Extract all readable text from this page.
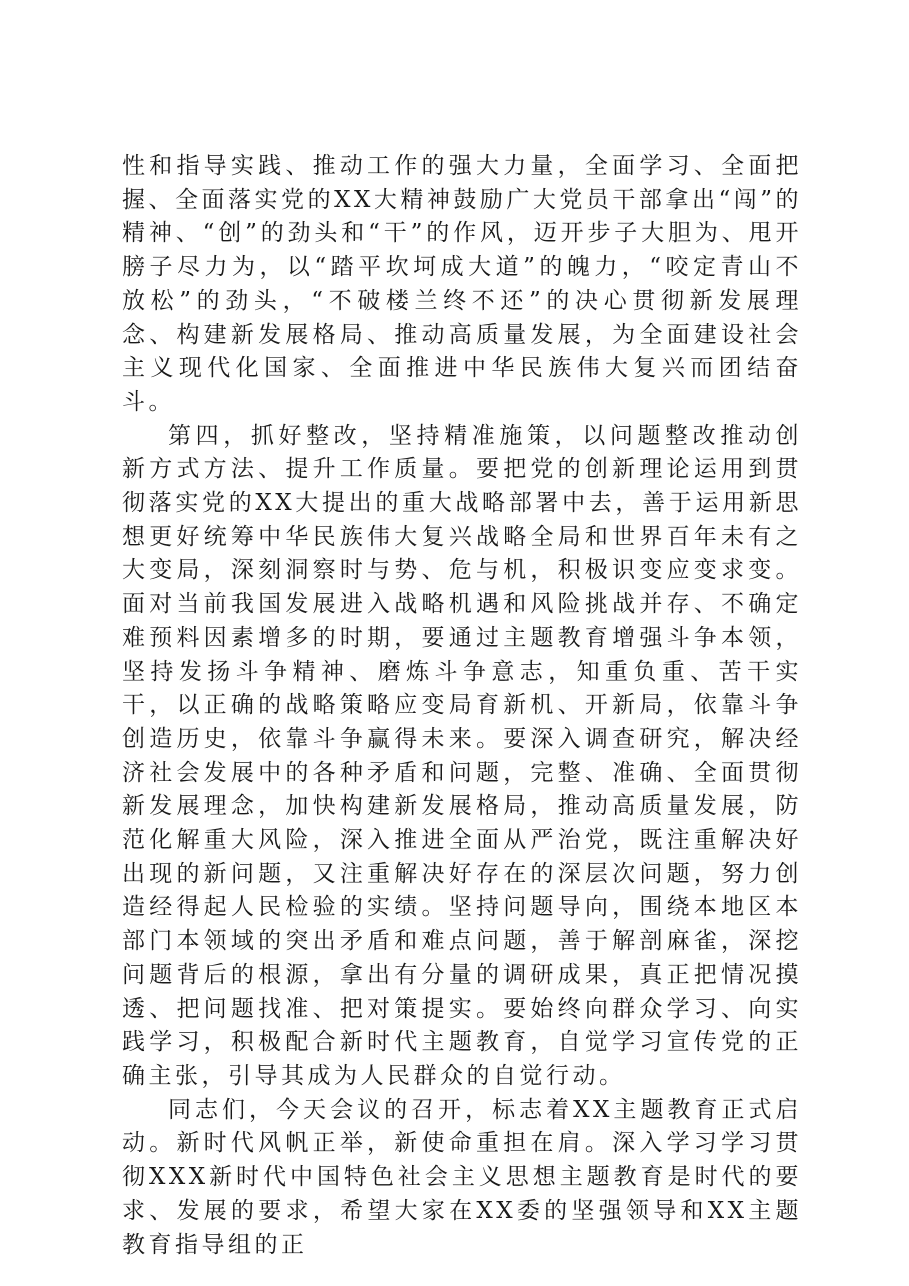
性和指导实践、推动工作的强大力量，全面学习、全面把握、全面落实党的XX大精神鼓励广大党员干部拿出“闯”的精神、“创”的劲头和“干”的作风，迈开步子大胆为、甩开膀子尽力为，以“踏平坎坷成大道”的魄力，“咬定青山不放松”的劲头，“不破楼兰终不还”的决心贯彻新发展理念、构建新发展格局、推动高质量发展，为全面建设社会主义现代化国家、全面推进中华民族伟大复兴而团结奋斗。

第四，抓好整改，坚持精准施策，以问题整改推动创新方式方法、提升工作质量。要把党的创新理论运用到贯彻落实党的XX大提出的重大战略部署中去，善于运用新思想更好统筹中华民族伟大复兴战略全局和世界百年未有之大变局，深刻洞察时与势、危与机，积极识变应变求变。面对当前我国发展进入战略机遇和风险挑战并存、不确定难预料因素增多的时期，要通过主题教育增强斗争本领，坚持发扬斗争精神、磨炼斗争意志，知重负重、苦干实干，以正确的战略策略应变局育新机、开新局，依靠斗争创造历史，依靠斗争赢得未来。要深入调查研究，解决经济社会发展中的各种矛盾和问题，完整、准确、全面贯彻新发展理念，加快构建新发展格局，推动高质量发展，防范化解重大风险，深入推进全面从严治党，既注重解决好出现的新问题，又注重解决好存在的深层次问题，努力创造经得起人民检验的实绩。坚持问题导向，围绕本地区本部门本领域的突出矛盾和难点问题，善于解剖麻雀，深挖问题背后的根源，拿出有分量的调研成果，真正把情况摸透、把问题找准、把对策提实。要始终向群众学习、向实践学习，积极配合新时代主题教育，自觉学习宣传党的正确主张，引导其成为人民群众的自觉行动。

同志们，今天会议的召开，标志着XX主题教育正式启动。新时代风帆正举，新使命重担在肩。深入学习学习贯彻XXX新时代中国特色社会主义思想主题教育是时代的要求、发展的要求，希望大家在XX委的坚强领导和XX主题教育指导组的正
